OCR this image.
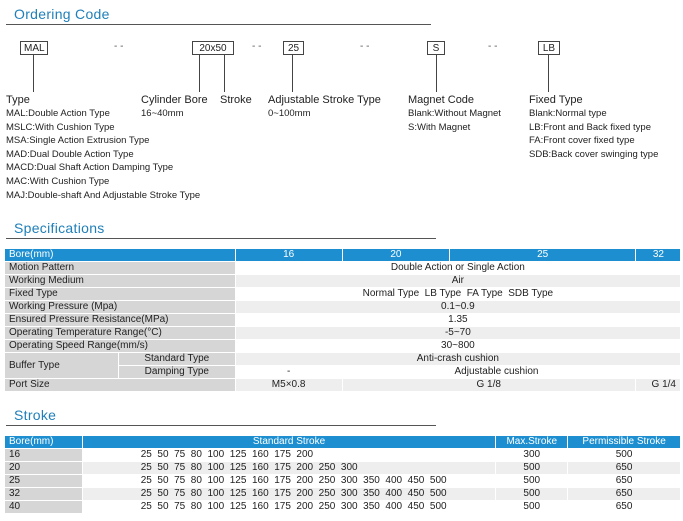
Ordering Code
MAL	- -	20x50	- -	25	- -	S	- -	LB
Type
MAL:Double Action Type
MSLC:With Cushion Type
MSA:Single Action Extrusion Type
MAD:Dual Double Action Type
MACD:Dual Shaft Action Damping Type
MAC:With Cushion Type
MAJ:Double-shaft And Adjustable Stroke Type
Cylinder Bore
16~40mm
Stroke Adjustable Stroke Type
0~100mm
Magnet Code
Blank:Without Magnet
S:With Magnet
Fixed Type
Blank:Normal type
LB:Front and Back fixed type
FA:Front cover fixed type
SDB:Back cover swinging type
Specifications
Bore(mm)		16	20	25	32
Motion Pattern		Double Action or Single Action			
Working Medium		Air			
Fixed Type		Normal Type  LB Type  FA Type  SDB Type			
Working Pressure (Mpa)		0.1~0.9			
Ensured Pressure Resistance(MPa)		1.35			
Operating Temperature Range(°C)		-5~70			
Operating Speed Range(mm/s)		30~800			
Buffer Type	Standard Type	Anti-crash cushion			
	Damping Type	-	Adjustable cushion		
Port Size		M5×0.8	G 1/8		G 1/4
Stroke
Bore(mm)	Standard Stroke	Max.Stroke	Permissible Stroke
16	25  50  75  80  100  125  160  175  200	300	500
20	25  50  75  80  100  125  160  175  200  250  300	500	650
25	25  50  75  80  100  125  160  175  200  250  300  350  400  450  500	500	650
32	25  50  75  80  100  125  160  175  200  250  300  350  400  450  500	500	650
40	25  50  75  80  100  125  160  175  200  250  300  350  400  450  500	500	650
